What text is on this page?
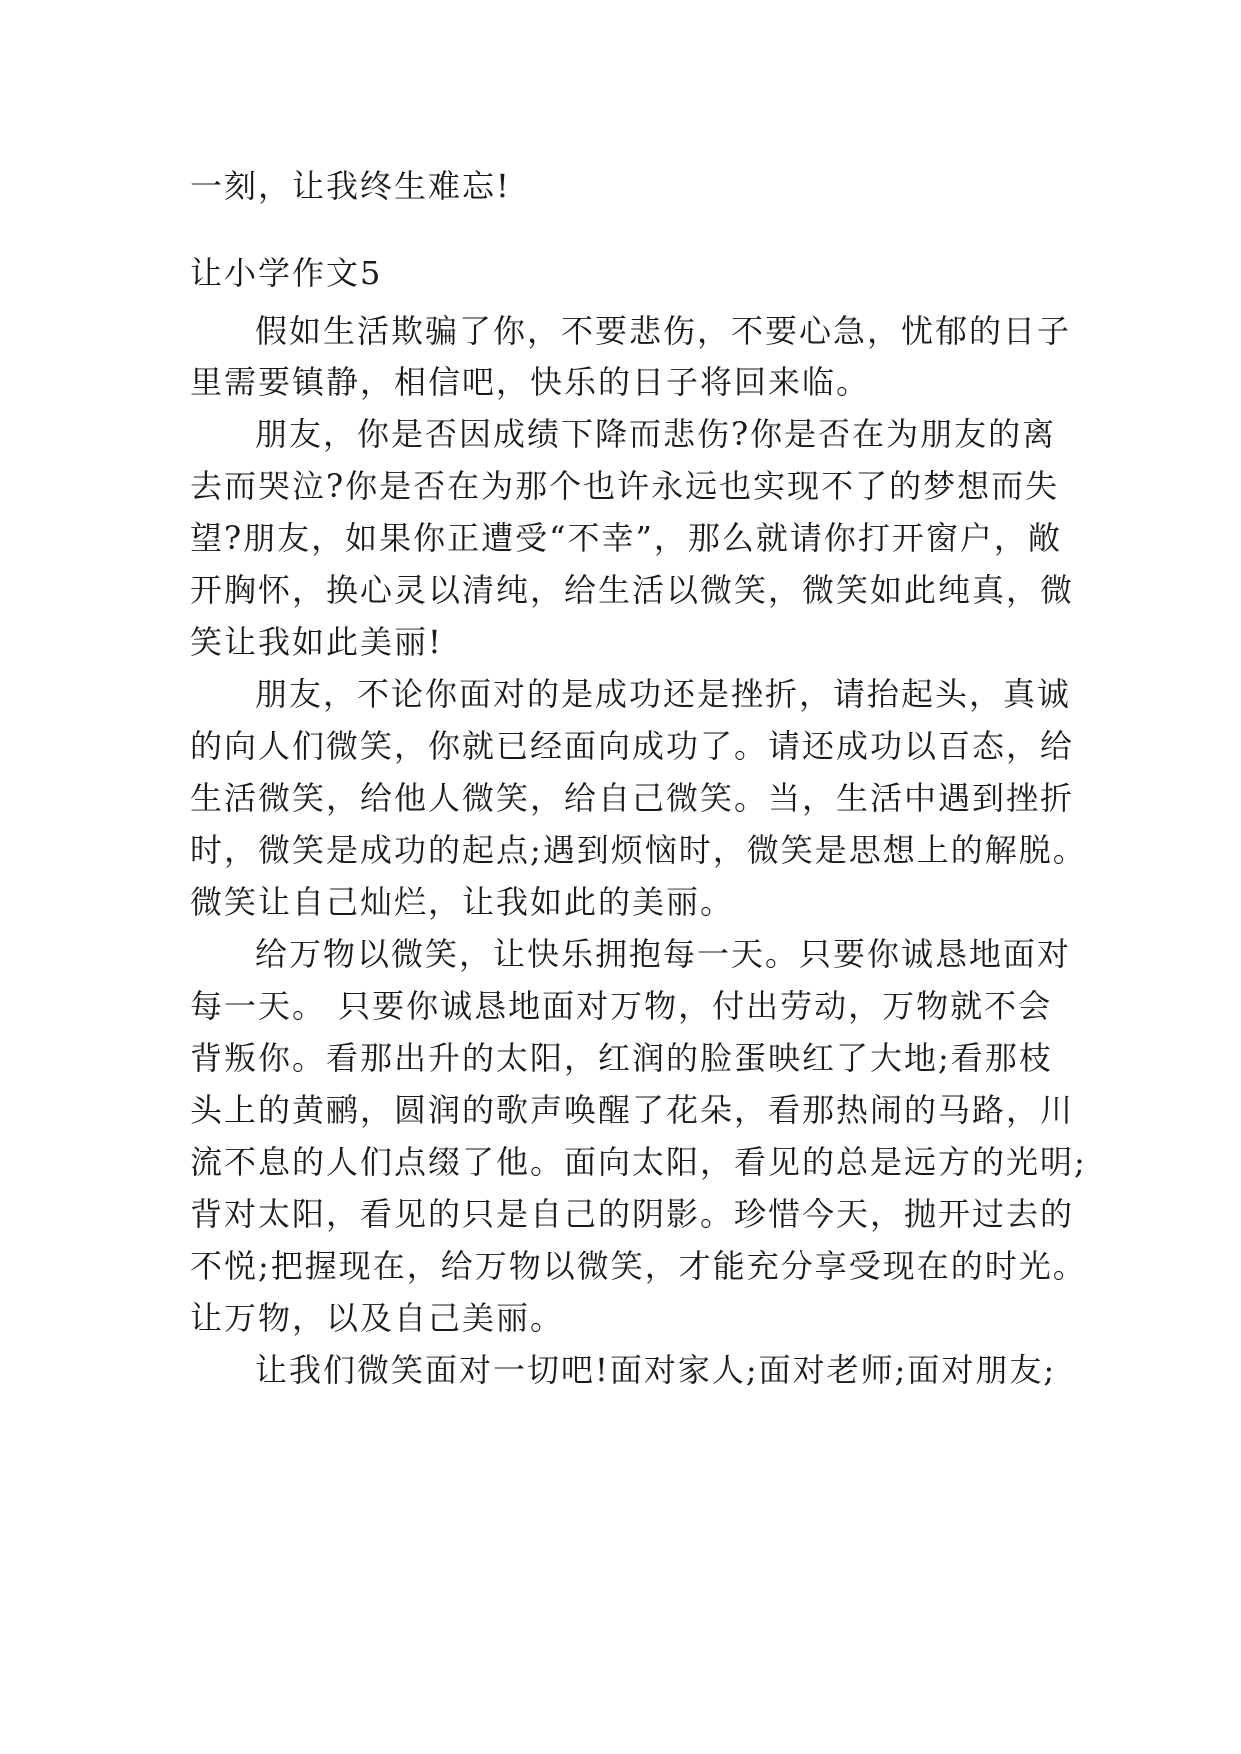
一刻，让我终生难忘!
让小学作文5
假如生活欺骗了你，不要悲伤，不要心急，忧郁的日子
里需要镇静，相信吧，快乐的日子将回来临。
朋友，你是否因成绩下降而悲伤?你是否在为朋友的离
去而哭泣?你是否在为那个也许永远也实现不了的梦想而失
望?朋友，如果你正遭受“不幸”，那么就请你打开窗户，敞
开胸怀，换心灵以清纯，给生活以微笑，微笑如此纯真，微
笑让我如此美丽!
朋友，不论你面对的是成功还是挫折，请抬起头，真诚
的向人们微笑，你就已经面向成功了。请还成功以百态，给
生活微笑，给他人微笑，给自己微笑。当，生活中遇到挫折
时，微笑是成功的起点;遇到烦恼时，微笑是思想上的解脱。
微笑让自己灿烂，让我如此的美丽。
给万物以微笑，让快乐拥抱每一天。只要你诚恳地面对
每一天。 只要你诚恳地面对万物，付出劳动，万物就不会
背叛你。看那出升的太阳，红润的脸蛋映红了大地;看那枝
头上的黄鹂，圆润的歌声唤醒了花朵，看那热闹的马路，川
流不息的人们点缀了他。面向太阳，看见的总是远方的光明;
背对太阳，看见的只是自己的阴影。珍惜今天，抛开过去的
不悦;把握现在，给万物以微笑，才能充分享受现在的时光。
让万物，以及自己美丽。
让我们微笑面对一切吧!面对家人;面对老师;面对朋友;
